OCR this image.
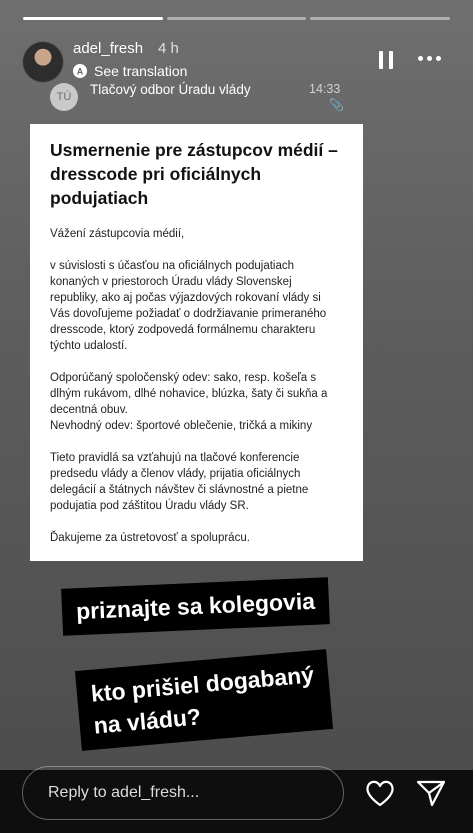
adel_fresh 4 h
A See translation
TÚ	Tlačový odbor Úradu vlády	14:33
📎
Usmernenie pre zástupcov médií – dresscode pri oficiálnych podujatiach

Vážení zástupcovia médií,

v súvislosti s účasťou na oficiálnych podujatiach konaných v priestoroch Úradu vlády Slovenskej republiky, ako aj počas výjazdových rokovaní vlády si Vás dovoľujeme požiadať o dodržiavanie primeraného dresscode, ktorý zodpovedá formálnemu charakteru týchto udalostí.

Odporúčaný spoločenský odev: sako, resp. košeľa s dlhým rukávom, dlhé nohavice, blúzka, šaty či sukňa a decentná obuv.

Nevhodný odev: športové oblečenie, tričká a mikiny

Tieto pravidlá sa vzťahujú na tlačové konferencie predsedu vlády a členov vlády, prijatia oficiálnych delegácií a štátnych návštev či slávnostné a pietne podujatia pod záštitou Úradu vlády SR.

Ďakujeme za ústretovosť a spoluprácu.

priznajte sa kolegovia
kto prišiel dogabaný
na vládu?
Reply to adel_fresh...
